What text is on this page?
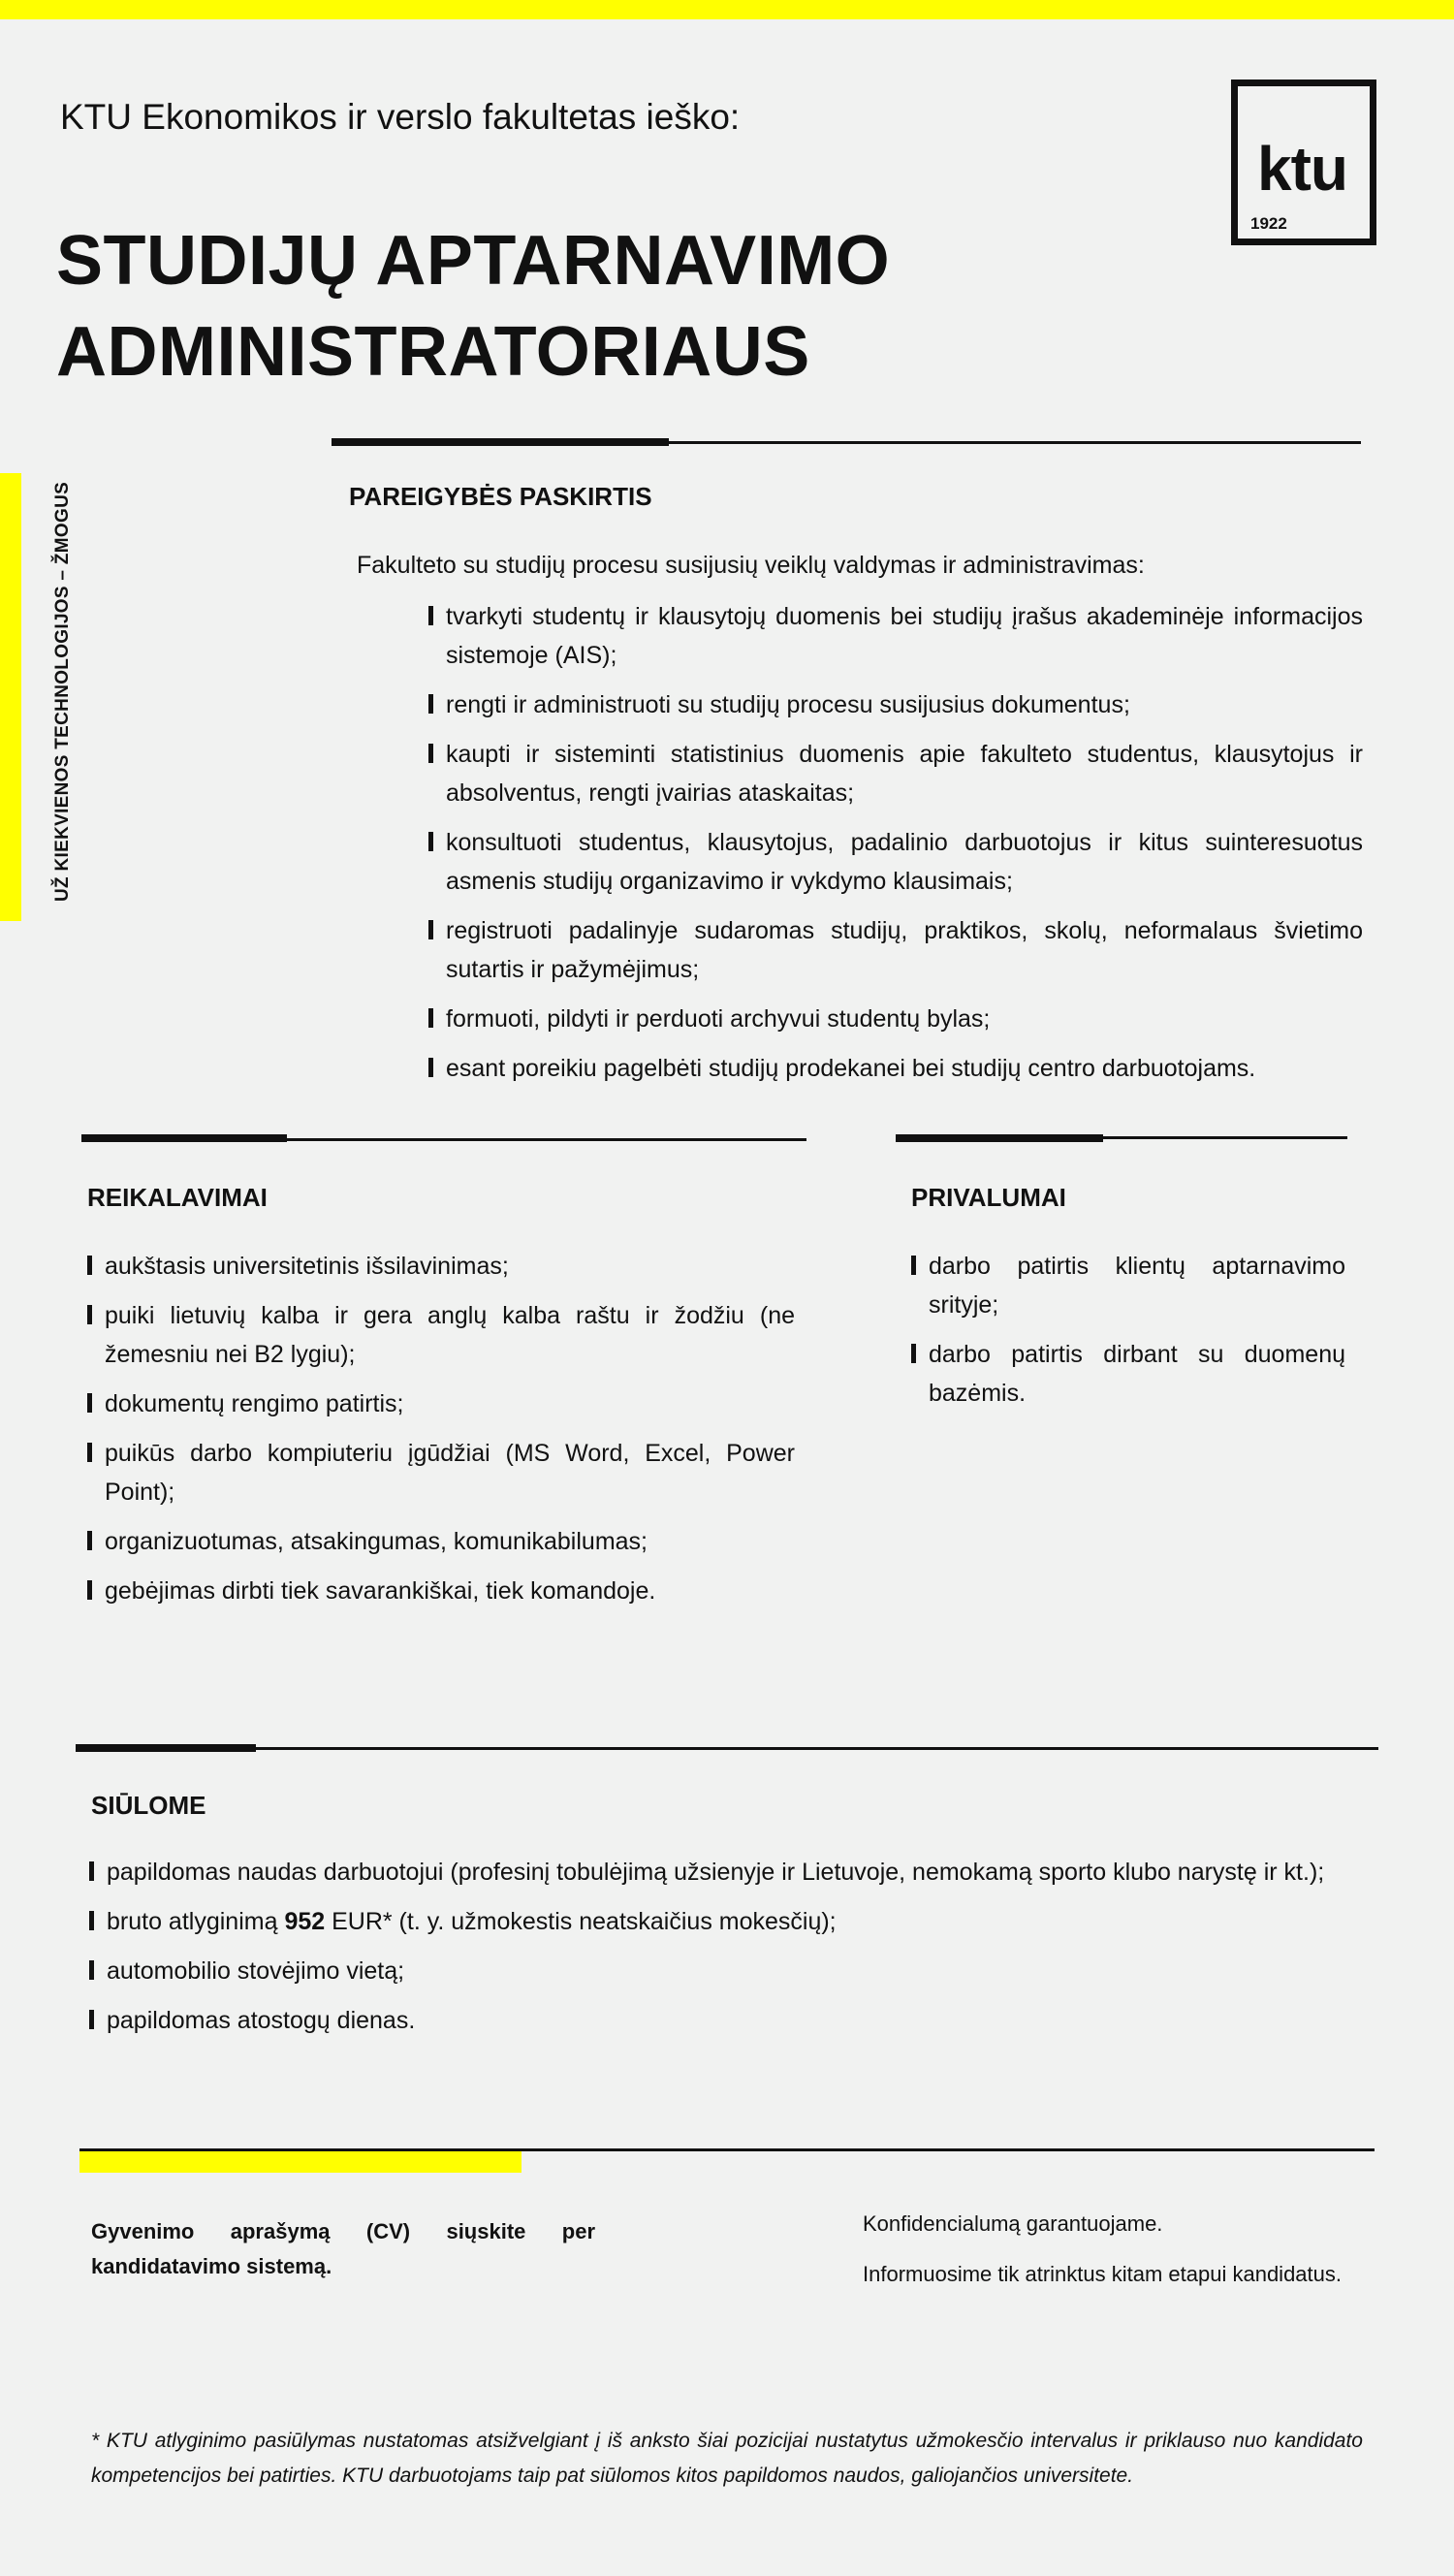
UŽ KIEKVIENOS TECHNOLOGIJOS – ŽMOGUS
KTU Ekonomikos ir verslo fakultetas ieško:
STUDIJŲ APTARNAVIMO
ADMINISTRATORIAUS
ktu
1922
PAREIGYBĖS PASKIRTIS
Fakulteto su studijų procesu susijusių veiklų valdymas ir administravimas:
tvarkyti studentų ir klausytojų duomenis bei studijų įrašus akademinėje informacijos sistemoje (AIS);
rengti ir administruoti su studijų procesu susijusius dokumentus;
kaupti ir sisteminti statistinius duomenis apie fakulteto studentus, klausytojus ir absolventus, rengti įvairias ataskaitas;
konsultuoti studentus, klausytojus, padalinio darbuotojus ir kitus suinteresuotus asmenis studijų organizavimo ir vykdymo klausimais;
registruoti padalinyje sudaromas studijų, praktikos, skolų, neformalaus švietimo sutartis ir pažymėjimus;
formuoti, pildyti ir perduoti archyvui studentų bylas;
esant poreikiu pagelbėti studijų prodekanei bei studijų centro darbuotojams.
REIKALAVIMAI
aukštasis universitetinis išsilavinimas;
puiki lietuvių kalba ir gera anglų kalba raštu ir žodžiu (ne žemesniu nei B2 lygiu);
dokumentų rengimo patirtis;
puikūs darbo kompiuteriu įgūdžiai (MS Word, Excel, Power Point);
organizuotumas, atsakingumas, komunikabilumas;
gebėjimas dirbti tiek savarankiškai, tiek komandoje.
PRIVALUMAI
darbo patirtis klientų aptarnavimo srityje;
darbo patirtis dirbant su duomenų bazėmis.
SIŪLOME
papildomas naudas darbuotojui (profesinį tobulėjimą užsienyje ir Lietuvoje, nemokamą sporto klubo narystę ir kt.);
bruto atlyginimą 952 EUR* (t. y. užmokestis neatskaičius mokesčių);
automobilio stovėjimo vietą;
papildomas atostogų dienas.
Gyvenimo aprašymą (CV) siųskite per kandidatavimo sistemą.
Konfidencialumą garantuojame.
Informuosime tik atrinktus kitam etapui kandidatus.
* KTU atlyginimo pasiūlymas nustatomas atsižvelgiant į iš anksto šiai pozicijai nustatytus užmokesčio intervalus ir priklauso nuo kandidato kompetencijos bei patirties. KTU darbuotojams taip pat siūlomos kitos papildomos naudos, galiojančios universitete.
